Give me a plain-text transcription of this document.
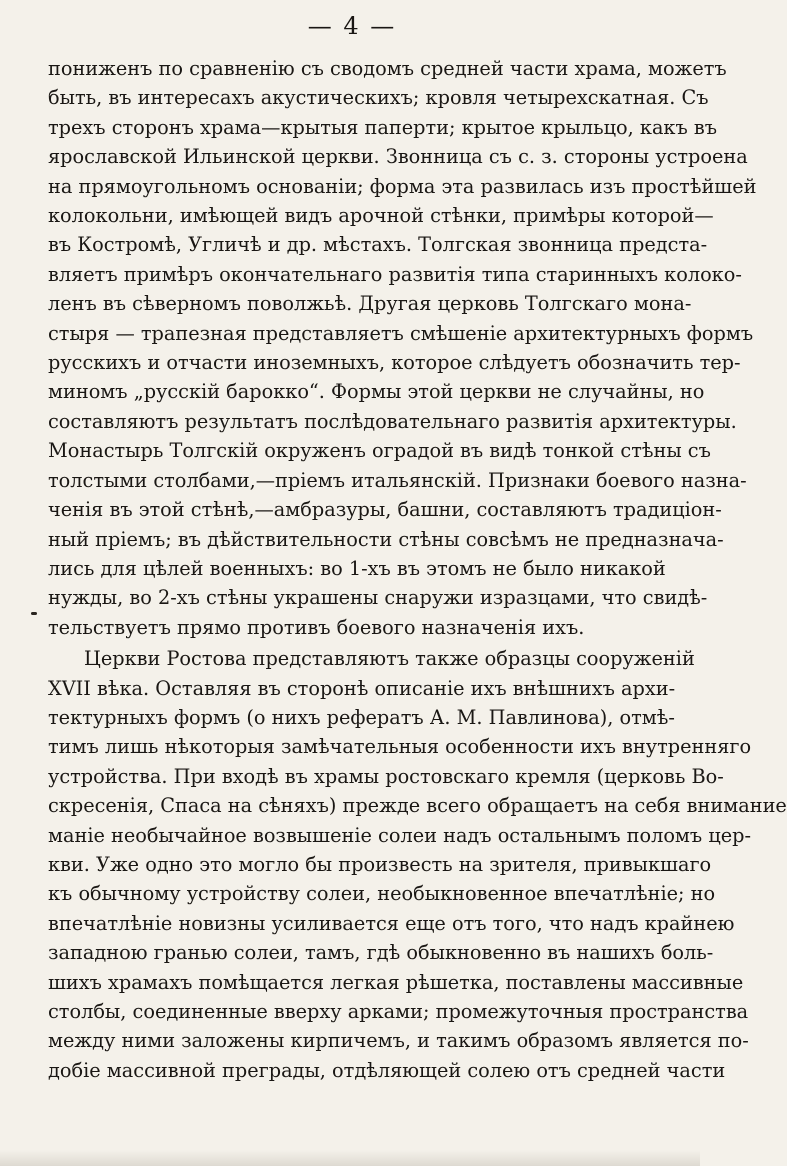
— 4 —

пониженъ по сравненію съ сводомъ средней части храма, можетъ
быть, въ интересахъ акустическихъ; кровля четырехскатная. Съ
трехъ сторонъ храма—крытыя паперти; крытое крыльцо, какъ въ
ярославской Ильинской церкви. Звонница съ с. з. стороны устроена
на прямоугольномъ основаніи; форма эта развилась изъ простѣйшей
колокольни, имѣющей видъ арочной стѣнки, примѣры которой—
въ Костромѣ, Угличѣ и др. мѣстахъ. Толгская звонница предста-
вляетъ примѣръ окончательнаго развитія типа старинныхъ колоко-
ленъ въ сѣверномъ поволжьѣ. Другая церковь Толгскаго мона-
стыря — трапезная представляетъ смѣшеніе архитектурныхъ формъ
русскихъ и отчасти иноземныхъ, которое слѣдуетъ обозначить тер-
миномъ „русскій барокко“. Формы этой церкви не случайны, но
составляютъ результатъ послѣдовательнаго развитія архитектуры.
Монастырь Толгскій окруженъ оградой въ видѣ тонкой стѣны съ
толстыми столбами,—пріемъ итальянскій. Признаки боевого назна-
ченія въ этой стѣнѣ,—амбразуры, башни, составляютъ традицiон-
ный пріемъ; въ дѣйствительности стѣны совсѣмъ не предназнача-
лись для цѣлей военныхъ: во 1-хъ въ этомъ не было никакой
нужды, во 2-хъ стѣны украшены снаружи изразцами, что свидѣ-
тельствуетъ прямо противъ боевого назначенія ихъ.

Церкви Ростова представляютъ также образцы сооруженій
XVII вѣка. Оставляя въ сторонѣ описаніе ихъ внѣшнихъ архи-
тектурныхъ формъ (о нихъ рефератъ А. М. Павлинова), отмѣ-
тимъ лишь нѣкоторыя замѣчательныя особенности ихъ внутренняго
устройства. При входѣ въ храмы ростовскаго кремля (церковь Во-
скресенія, Спаса на сѣняхъ) прежде всего обращаетъ на себя внимание
маніе необычайное возвышеніе солеи надъ остальнымъ поломъ цер-
кви. Уже одно это могло бы произвесть на зрителя, привыкшаго
къ обычному устройству солеи, необыкновенное впечатлѣніе; но
впечатлѣніе новизны усиливается еще отъ того, что надъ крайнею
западною гранью солеи, тамъ, гдѣ обыкновенно въ нашихъ боль-
шихъ храмахъ помѣщается легкая рѣшетка, поставлены массивные
столбы, соединенные вверху арками; промежуточныя пространства
между ними заложены кирпичемъ, и такимъ образомъ является по-
добіе массивной преграды, отдѣляющей солею отъ средней части
